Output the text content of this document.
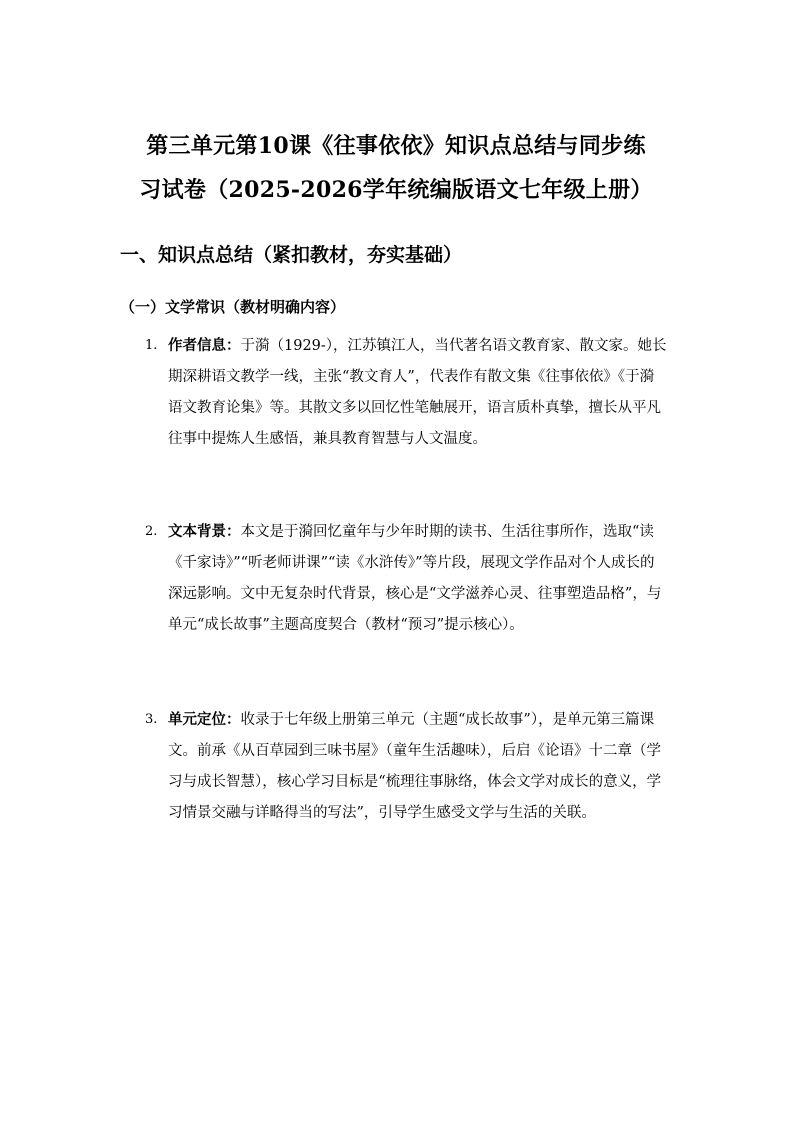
第三单元第10课《往事依依》知识点总结与同步练
习试卷（2025-2026学年统编版语文七年级上册）
一、知识点总结（紧扣教材，夯实基础）
（一）文学常识（教材明确内容）
1. 作者信息：于漪（1929-），江苏镇江人，当代著名语文教育家、散文家。她长期深耕语文教学一线，主张“教文育人”，代表作有散文集《往事依依》《于漪语文教育论集》等。其散文多以回忆性笔触展开，语言质朴真挚，擅长从平凡往事中提炼人生感悟，兼具教育智慧与人文温度。
2. 文本背景：本文是于漪回忆童年与少年时期的读书、生活往事所作，选取“读《千家诗》”“听老师讲课”“读《水浒传》”等片段，展现文学作品对个人成长的深远影响。文中无复杂时代背景，核心是“文学滋养心灵、往事塑造品格”，与单元“成长故事”主题高度契合（教材“预习”提示核心）。
3. 单元定位：收录于七年级上册第三单元（主题“成长故事”），是单元第三篇课文。前承《从百草园到三味书屋》（童年生活趣味），后启《论语》十二章（学习与成长智慧），核心学习目标是“梳理往事脉络，体会文学对成长的意义，学习情景交融与详略得当的写法”，引导学生感受文学与生活的关联。
